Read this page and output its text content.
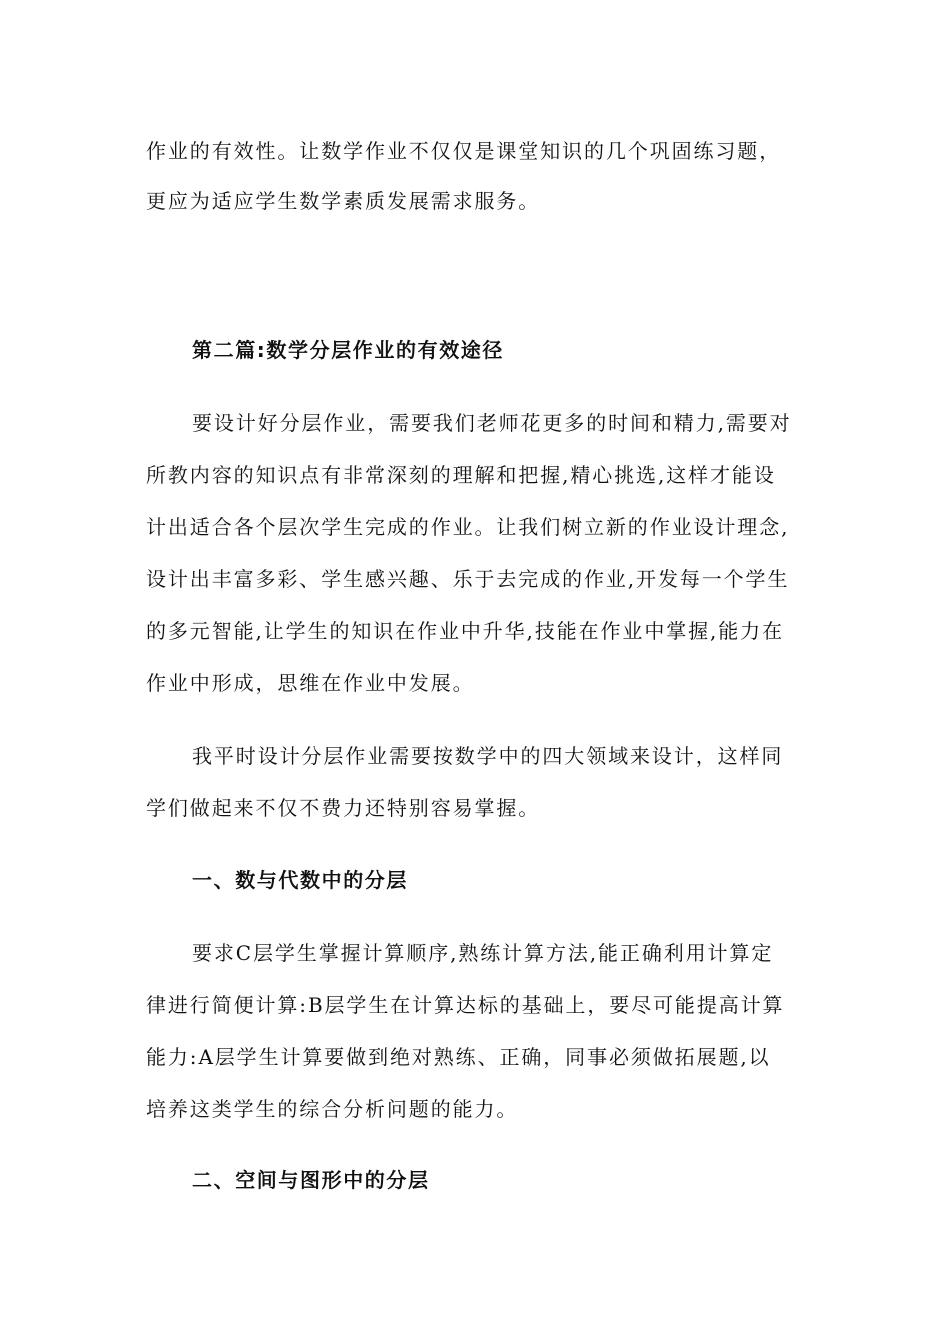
作业的有效性。让数学作业不仅仅是课堂知识的几个巩固练习题，
更应为适应学生数学素质发展需求服务。
第二篇:数学分层作业的有效途径
要设计好分层作业，需要我们老师花更多的时间和精力,需要对
所教内容的知识点有非常深刻的理解和把握,精心挑选,这样才能设
计出适合各个层次学生完成的作业。让我们树立新的作业设计理念,
设计出丰富多彩、学生感兴趣、乐于去完成的作业,开发每一个学生
的多元智能,让学生的知识在作业中升华,技能在作业中掌握,能力在
作业中形成，思维在作业中发展。
我平时设计分层作业需要按数学中的四大领域来设计，这样同
学们做起来不仅不费力还特别容易掌握。
一、数与代数中的分层
要求C层学生掌握计算顺序,熟练计算方法,能正确利用计算定
律进行简便计算:B层学生在计算达标的基础上，要尽可能提高计算
能力:A层学生计算要做到绝对熟练、正确，同事必须做拓展题,以
培养这类学生的综合分析问题的能力。
二、空间与图形中的分层
